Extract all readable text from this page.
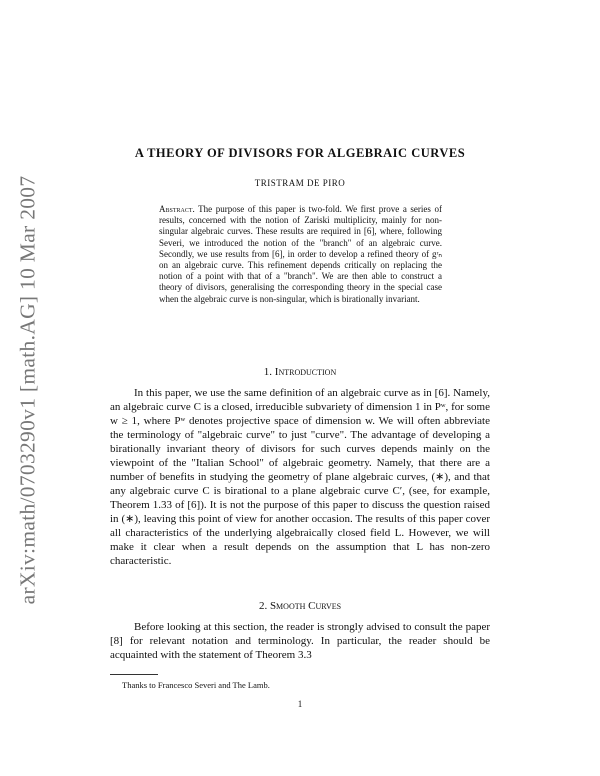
arXiv:math/0703290v1 [math.AG] 10 Mar 2007
A THEORY OF DIVISORS FOR ALGEBRAIC CURVES
TRISTRAM DE PIRO
Abstract. The purpose of this paper is two-fold. We first prove a series of results, concerned with the notion of Zariski multiplicity, mainly for non-singular algebraic curves. These results are required in [6], where, following Severi, we introduced the notion of the "branch" of an algebraic curve. Secondly, we use results from [6], in order to develop a refined theory of gʳₙ on an algebraic curve. This refinement depends critically on replacing the notion of a point with that of a "branch". We are then able to construct a theory of divisors, generalising the corresponding theory in the special case when the algebraic curve is non-singular, which is birationally invariant.
1. Introduction

In this paper, we use the same definition of an algebraic curve as in [6]. Namely, an algebraic curve C is a closed, irreducible subvariety of dimension 1 in Pʷ, for some w ≥ 1, where Pʷ denotes projective space of dimension w. We will often abbreviate the terminology of "algebraic curve" to just "curve". The advantage of developing a birationally invariant theory of divisors for such curves depends mainly on the viewpoint of the "Italian School" of algebraic geometry. Namely, that there are a number of benefits in studying the geometry of plane algebraic curves, (∗), and that any algebraic curve C is birational to a plane algebraic curve C′, (see, for example, Theorem 1.33 of [6]). It is not the purpose of this paper to discuss the question raised in (∗), leaving this point of view for another occasion. The results of this paper cover all characteristics of the underlying algebraically closed field L. However, we will make it clear when a result depends on the assumption that L has non-zero characteristic.

2. Smooth Curves

Before looking at this section, the reader is strongly advised to consult the paper [8] for relevant notation and terminology. In particular, the reader should be acquainted with the statement of Theorem 3.3

Thanks to Francesco Severi and The Lamb.
1
